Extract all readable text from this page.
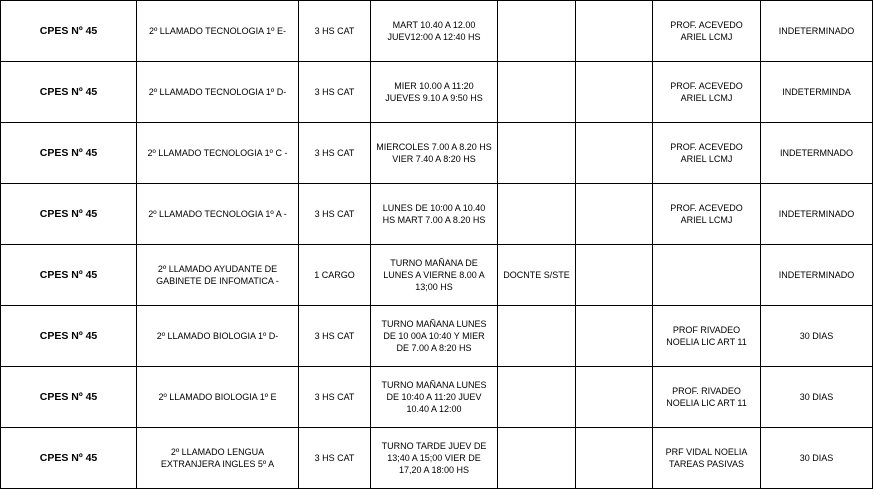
CPES Nº 45	2º LLAMADO TECNOLOGIA 1º E-	3 HS CAT	MART 10.40 A 12.00 JUEV12:00 A 12:40 HS			PROF. ACEVEDO ARIEL LCMJ	INDETERMINADO
CPES Nº 45	2º LLAMADO TECNOLOGIA 1º D-	3 HS CAT	MIER 10.00 A 11:20 JUEVES 9.10 A 9:50 HS			PROF. ACEVEDO ARIEL LCMJ	INDETERMINDA
CPES Nº 45	2º LLAMADO TECNOLOGIA 1º C -	3 HS CAT	MIERCOLES 7.00 A 8.20 HS VIER 7.40 A 8:20 HS			PROF. ACEVEDO ARIEL LCMJ	INDETERMNADO
CPES Nº 45	2º LLAMADO TECNOLOGIA 1º A -	3 HS CAT	LUNES DE 10:00 A 10.40 HS MART 7.00 A 8.20 HS			PROF. ACEVEDO ARIEL LCMJ	INDETERMINADO
CPES Nº 45	2º LLAMADO AYUDANTE DE GABINETE DE INFOMATICA -	1 CARGO	TURNO MAÑANA DE LUNES A VIERNE 8.00 A 13;00 HS	DOCNTE S/STE			INDETERMINADO
CPES Nº 45	2º LLAMADO BIOLOGIA 1º D-	3 HS CAT	TURNO MAÑANA LUNES DE 10 00A 10:40 Y MIER DE 7.00 A 8:20 HS			PROF RIVADEO NOELIA LIC ART 11	30 DIAS
CPES Nº 45	2º LLAMADO BIOLOGIA 1º E	3 HS CAT	TURNO MAÑANA LUNES DE 10:40 A 11:20 JUEV 10.40 A 12:00			PROF. RIVADEO NOELIA LIC ART 11	30 DIAS
CPES Nº 45	2º LLAMADO LENGUA EXTRANJERA INGLES 5º A	3 HS CAT	TURNO TARDE JUEV DE 13;40 A 15;00 VIER DE 17,20 A 18:00 HS			PRF VIDAL NOELIA TAREAS PASIVAS	30 DIAS
